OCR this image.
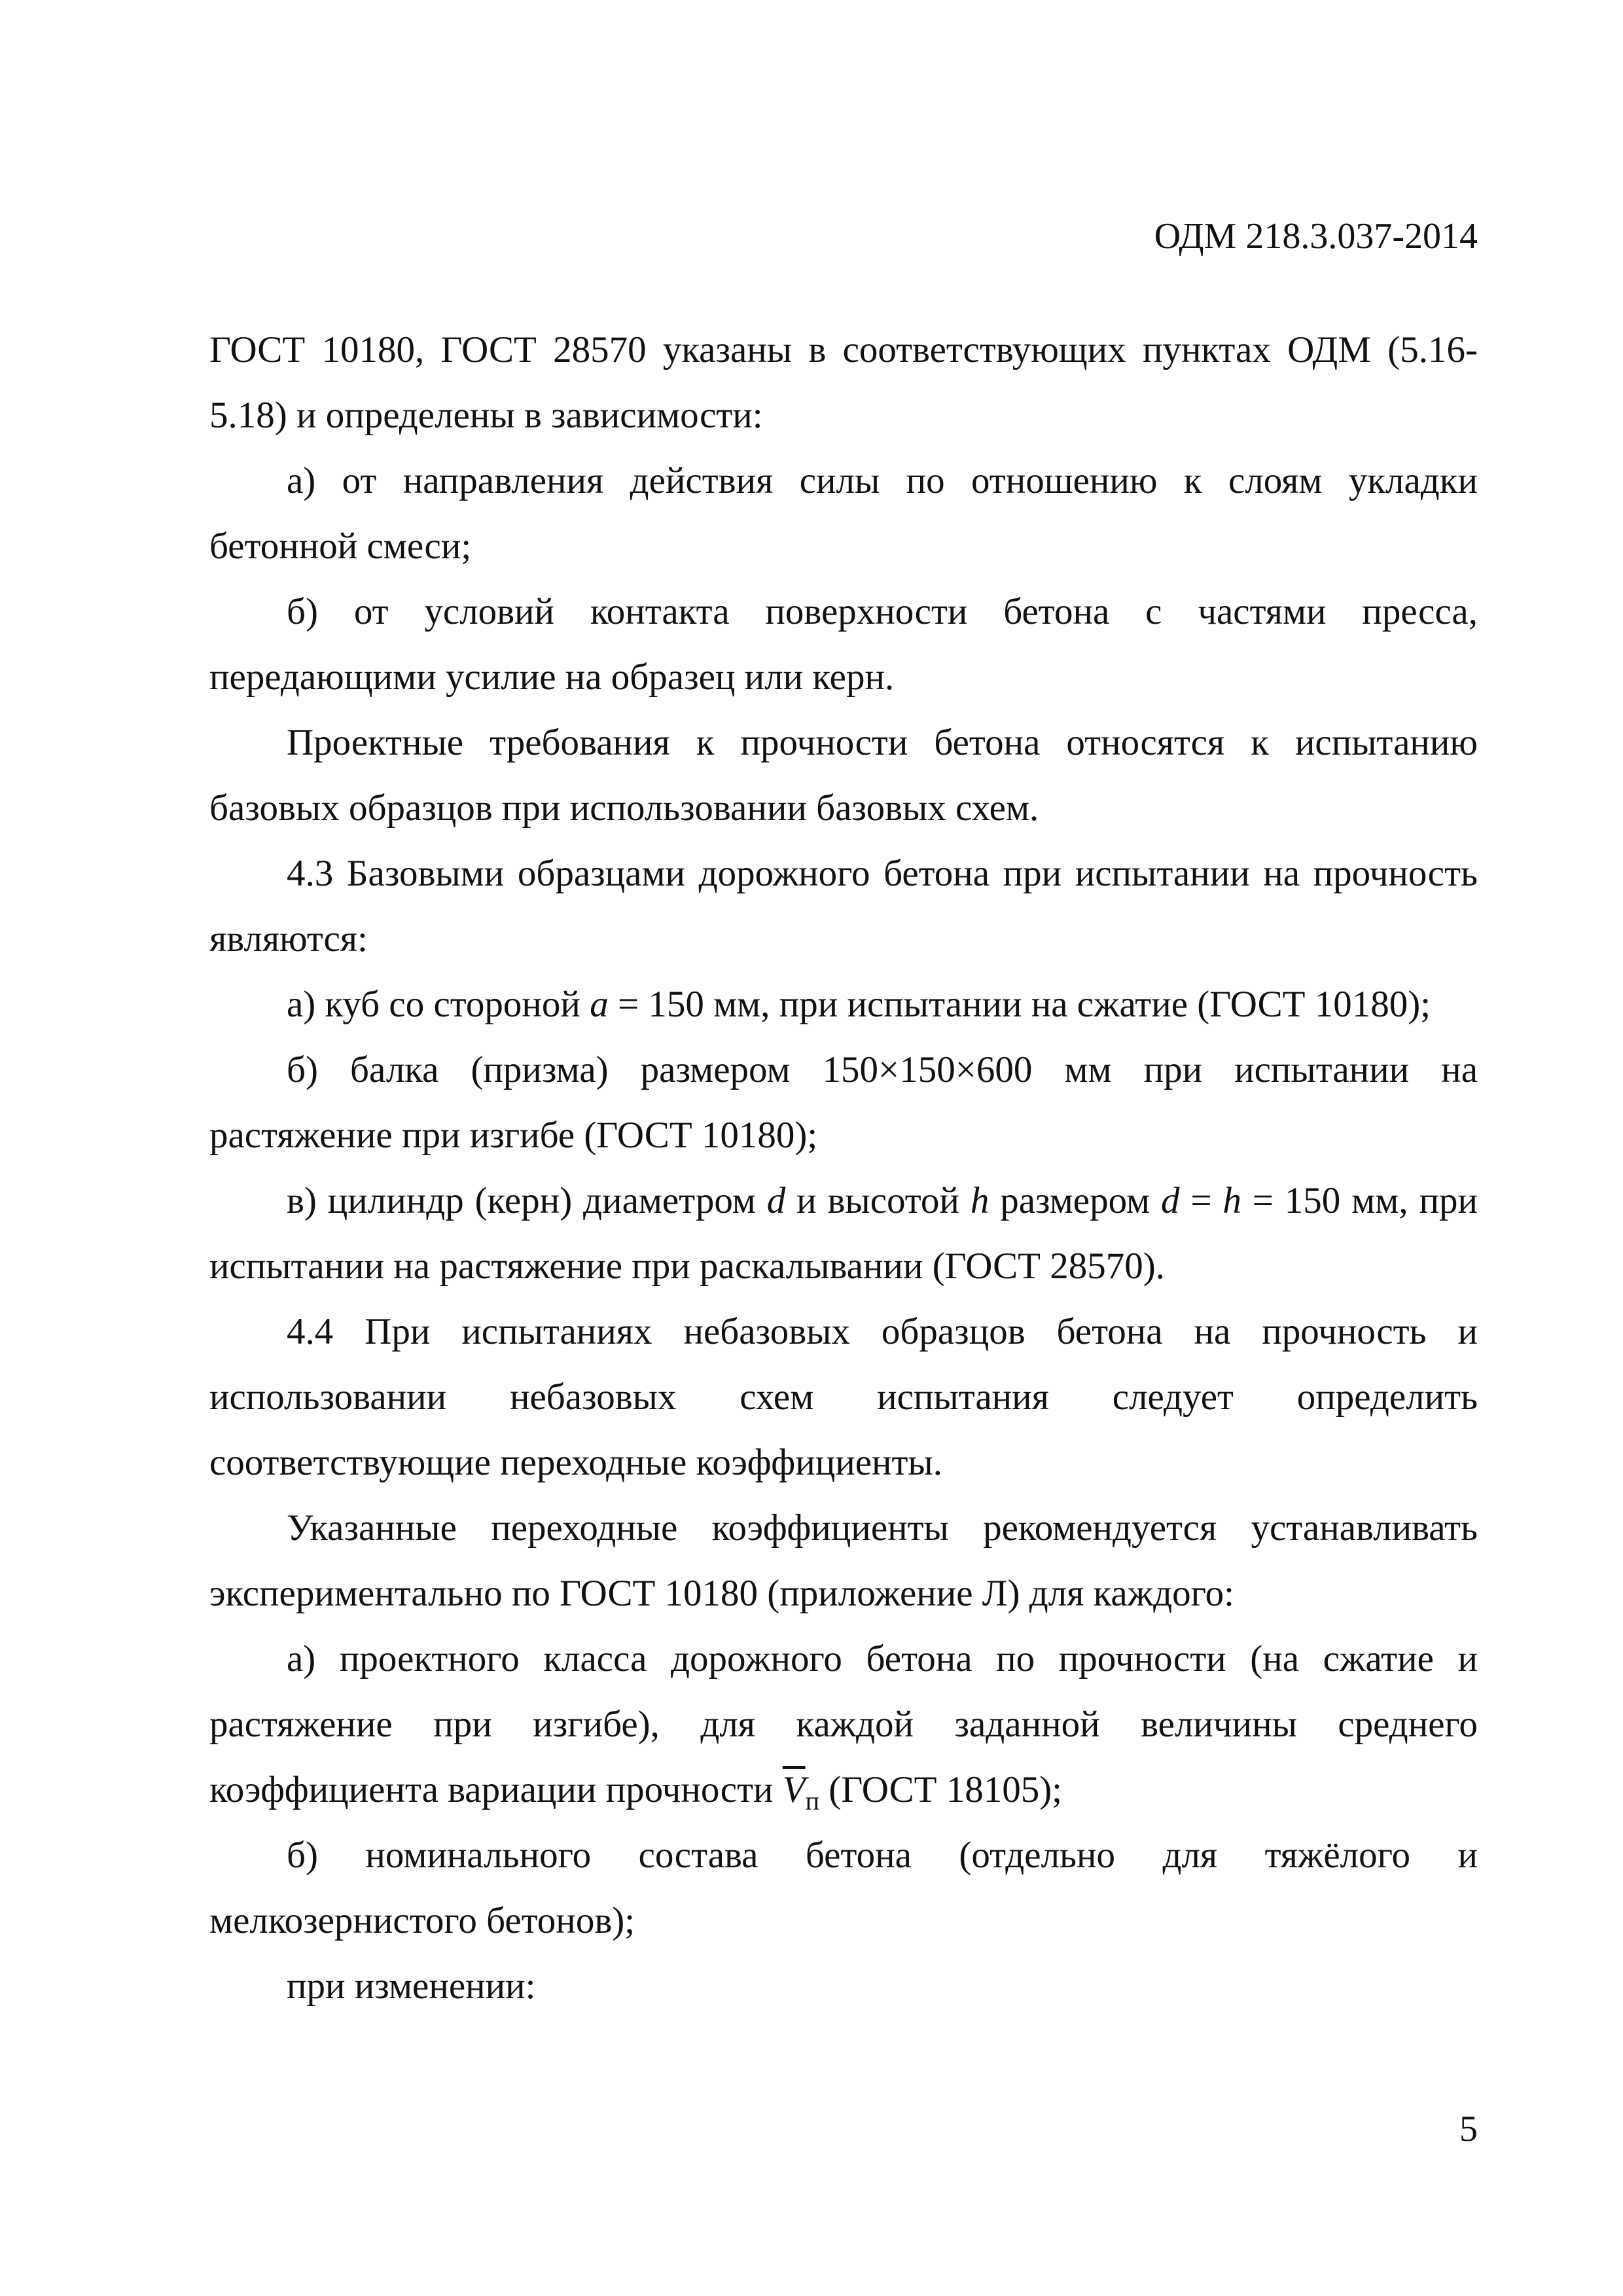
ОДМ 218.3.037-2014

ГОСТ 10180, ГОСТ 28570 указаны в соответствующих пунктах ОДМ (5.16-5.18) и определены в зависимости:

а) от направления действия силы по отношению к слоям укладки бетонной смеси;

б) от условий контакта поверхности бетона с частями пресса, передающими усилие на образец или керн.

Проектные требования к прочности бетона относятся к испытанию базовых образцов при использовании базовых схем.

4.3 Базовыми образцами дорожного бетона при испытании на прочность являются:

а) куб со стороной a = 150 мм, при испытании на сжатие (ГОСТ 10180);

б) балка (призма) размером 150×150×600 мм при испытании на растяжение при изгибе (ГОСТ 10180);

в) цилиндр (керн) диаметром d и высотой h размером d = h = 150 мм, при испытании на растяжение при раскалывании (ГОСТ 28570).

4.4 При испытаниях небазовых образцов бетона на прочность и использовании небазовых схем испытания следует определить соответствующие переходные коэффициенты.

Указанные переходные коэффициенты рекомендуется устанавливать экспериментально по ГОСТ 10180 (приложение Л) для каждого:

а) проектного класса дорожного бетона по прочности (на сжатие и растяжение при изгибе), для каждой заданной величины среднего коэффициента вариации прочности $\overline{V}_п$ (ГОСТ 18105);

б) номинального состава бетона (отдельно для тяжёлого и мелкозернистого бетонов);

при изменении:

5
